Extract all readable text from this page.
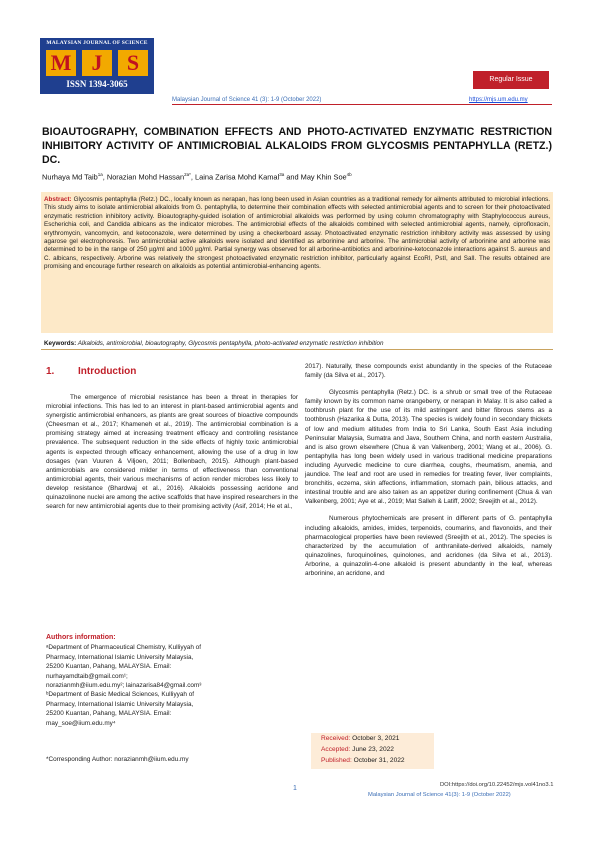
MALAYSIAN JOURNAL OF SCIENCE
M J	S
ISSN 1394-3065	Regular Issue
Malaysian Journal of Science 41 (3): 1-9 (October 2022)	https://mjs.um.edu.my
BIOAUTOGRAPHY, COMBINATION EFFECTS AND PHOTO-ACTIVATED ENZYMATIC RESTRICTION INHIBITORY ACTIVITY OF ANTIMICROBIAL ALKALOIDS FROM GLYCOSMIS PENTAPHYLLA (RETZ.) DC.
Nurhaya Md Taib$^{1a}$, Norazian Mohd Hassan$^{2a*}$, Laina Zarisa Mohd Kamal$^{3a}$ and May Khin Soe$^{4b}$
Abstract: Glycosmis pentaphylla (Retz.) DC., locally known as nerapan, has long been used in Asian countries as a traditional remedy for ailments attributed to microbial infections. This study aims to isolate antimicrobial alkaloids from G. pentaphylla, to determine their combination effects with selected antimicrobial agents and to screen for their photoactivated enzymatic restriction inhibitory activity. Bioautography-guided isolation of antimicrobial alkaloids was performed by using column chromatography with Staphylococcus aureus, Escherichia coli, and Candida albicans as the indicator microbes. The antimicrobial effects of the alkaloids combined with selected antimicrobial agents, namely, ciprofloxacin, erythromycin, vancomycin, and ketoconazole, were determined by using a checkerboard assay. Photoactivated enzymatic restriction inhibitory activity was assessed by using agarose gel electrophoresis. Two antimicrobial active alkaloids were isolated and identified as arborinine and arborine. The antimicrobial activity of arborinine and arborine was determined to be in the range of 250 µg/ml and 1000 µg/ml. Partial synergy was observed for all arborine-antibiotics and arborinine-ketoconazole interactions against S. aureus and C. albicans, respectively. Arborine was relatively the strongest photoactivated enzymatic restriction inhibitor, particularly against EcoRI, PstI, and SalI. The results obtained are promising and encourage further research on alkaloids as potential antimicrobial-enhancing agents.
Keywords: Alkaloids, antimicrobial, bioautography, Glycosmis pentaphylla, photo-activated enzymatic restriction inhibition
1. Introduction

The emergence of microbial resistance has been a threat in therapies for microbial infections. This has led to an interest in plant-based antimicrobial agents and synergistic antimicrobial enhancers, as plants are great sources of bioactive compounds (Cheesman et al., 2017; Khameneh et al., 2019). The antimicrobial combination is a promising strategy aimed at increasing treatment efficacy and controlling resistance prevalence. The subsequent reduction in the side effects of highly toxic antimicrobial agents is expected through efficacy enhancement, allowing the use of a drug in low dosages (van Vuuren & Viljoen, 2011; Bollenbach, 2015). Although plant-based antimicrobials are considered milder in terms of effectiveness than conventional antimicrobial agents, their various mechanisms of action render microbes less likely to develop resistance (Bhardwaj et al., 2016). Alkaloids possessing acridone and quinazolinone nuclei are among the active scaffolds that have inspired researchers in the search for new antimicrobial agents due to their promising activity (Asif, 2014; He et al.,

2017). Naturally, these compounds exist abundantly in the species of the Rutaceae family (da Silva et al., 2017).

Glycosmis pentaphylla (Retz.) DC. is a shrub or small tree of the Rutaceae family known by its common name orangeberry, or nerapan in Malay. It is also called a toothbrush plant for the use of its mild astringent and bitter fibrous stems as a toothbrush (Hazarika & Dutta, 2013). The species is widely found in secondary thickets of low and medium altitudes from India to Sri Lanka, South East Asia including Peninsular Malaysia, Sumatra and Java, Southern China, and north eastern Australia, and is also grown elsewhere (Chua & van Valkenberg, 2001; Wang et al., 2006). G. pentaphylla has long been widely used in various traditional medicine preparations including Ayurvedic medicine to cure diarrhea, coughs, rheumatism, anemia, and jaundice. The leaf and root are used in remedies for treating fever, liver complaints, bronchitis, eczema, skin affections, inflammation, stomach pain, bilious attacks, and intestinal trouble and are also taken as an appetizer during confinement (Chua & van Valkenberg, 2001; Aye et al., 2019; Mat Salleh & Latiff, 2002; Sreejith et al., 2012).

Numerous phytochemicals are present in different parts of G. pentaphylla including alkaloids, amides, imides, terpenoids, coumarins, and flavonoids, and their pharmacological properties have been reviewed (Sreejith et al., 2012). The species is characterized by the accumulation of anthranilate-derived alkaloids, namely quinazolines, furoquinolines, quinolones, and acridones (da Silva et al., 2013). Arborine, a quinazolin-4-one alkaloid is present abundantly in the leaf, whereas arborinine, an acridone, and

Authors information:
ᵃDepartment of Pharmaceutical Chemistry, Kulliyyah of
Pharmacy, International Islamic University Malaysia,
25200 Kuantan, Pahang, MALAYSIA. Email:
nurhayamdtaib@gmail.com¹;
norazianmh@iium.edu.my²; lainazarisa84@gmail.com³
ᵇDepartment of Basic Medical Sciences, Kulliyyah of
Pharmacy, International Islamic University Malaysia,
25200 Kuantan, Pahang, MALAYSIA. Email:
may_soe@iium.edu.my⁴
*Corresponding Author: norazianmh@iium.edu.my
Received: October 3, 2021
Accepted: June 23, 2022
Published: October 31, 2022
1	DOI:https://doi.org/10.22452/mjs.vol41no3.1
Malaysian Journal of Science 41(3): 1-9 (October 2022)
